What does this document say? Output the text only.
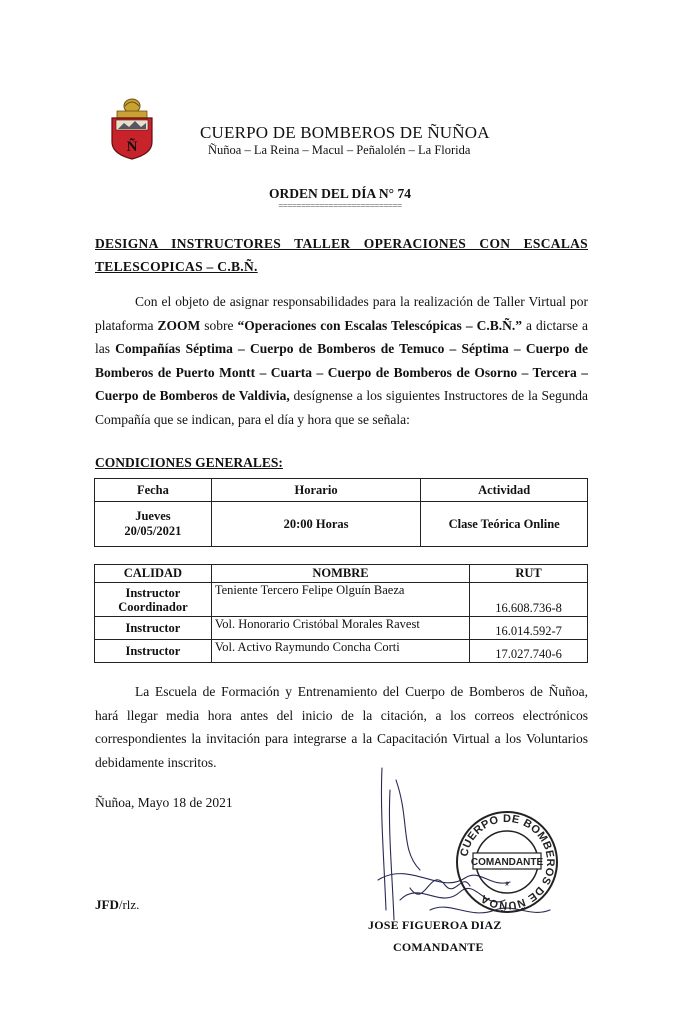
Ñ
CUERPO DE BOMBEROS DE ÑUÑOA
Ñuñoa – La Reina – Macul – Peñalolén – La Florida
ORDEN DEL DÍA N° 74
===========================
DESIGNA INSTRUCTORES TALLER OPERACIONES CON ESCALAS TELESCOPICAS – C.B.Ñ.

Con el objeto de asignar responsabilidades para la realización de Taller Virtual por plataforma ZOOM sobre “Operaciones con Escalas Telescópicas – C.B.Ñ.” a dictarse a las Compañías Séptima – Cuerpo de Bomberos de Temuco – Séptima – Cuerpo de Bomberos de Puerto Montt – Cuarta – Cuerpo de Bomberos de Osorno – Tercera – Cuerpo de Bomberos de Valdivia, desígnense a los siguientes Instructores de la Segunda Compañía que se indican, para el día y hora que se señala:

CONDICIONES GENERALES:
Fecha	Horario	Actividad
Jueves
20/05/2021	20:00 Horas	Clase Teórica Online
CALIDAD	NOMBRE	RUT
Instructor
Coordinador	Teniente Tercero Felipe Olguín Baeza	16.608.736-8
Instructor	Vol. Honorario Cristóbal Morales Ravest	16.014.592-7
Instructor	Vol. Activo Raymundo Concha Corti	17.027.740-6

La Escuela de Formación y Entrenamiento del Cuerpo de Bomberos de Ñuñoa, hará llegar media hora antes del inicio de la citación, a los correos electrónicos correspondientes la invitación para integrarse a la Capacitación Virtual a los Voluntarios debidamente inscritos.

Ñuñoa, Mayo 18 de 2021
JFD/rlz.
CUERPO DE BOMBEROS DE ÑUÑOA
COMANDANTE
*
JOSE FIGUEROA DIAZ
COMANDANTE
